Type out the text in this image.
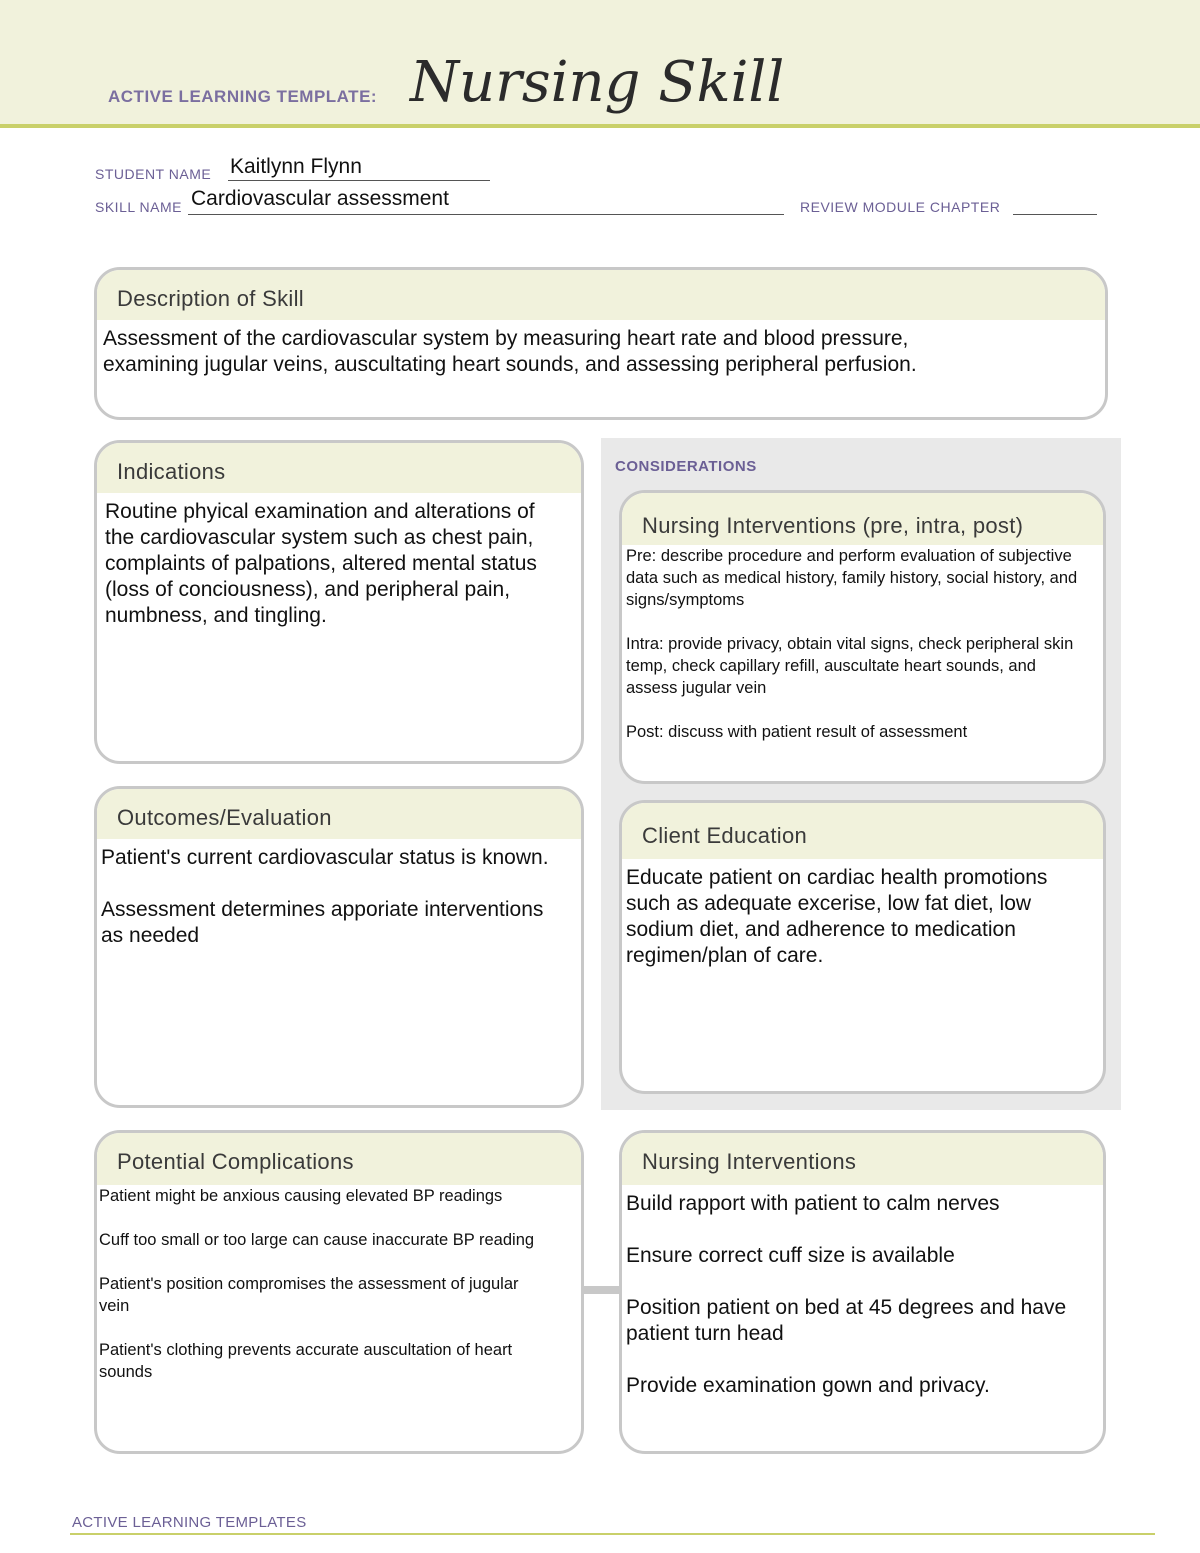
ACTIVE LEARNING TEMPLATE: Nursing Skill
STUDENT NAME Kaitlynn Flynn
SKILL NAME Cardiovascular assessment	REVIEW MODULE CHAPTER
Description of Skill
Assessment of the cardiovascular system by measuring heart rate and blood pressure,
examining jugular veins, auscultating heart sounds, and assessing peripheral perfusion.
Indications
Routine phyical examination and alterations of the cardiovascular system such as chest pain, complaints of palpations, altered mental status (loss of conciousness), and peripheral pain, numbness, and tingling.
CONSIDERATIONS
Nursing Interventions (pre, intra, post)
Pre: describe procedure and perform evaluation of subjective data such as medical history, family history, social history, and signs/symptoms

Intra: provide privacy, obtain vital signs, check peripheral skin temp, check capillary refill, auscultate heart sounds, and assess jugular vein

Post: discuss with patient result of assessment
Client Education
Educate patient on cardiac health promotions such as adequate excerise, low fat diet, low sodium diet, and adherence to medication regimen/plan of care.
Outcomes/Evaluation
Patient's current cardiovascular status is known.

Assessment determines apporiate interventions as needed
Potential Complications
Patient might be anxious causing elevated BP readings

Cuff too small or too large can cause inaccurate BP reading

Patient's position compromises the assessment of jugular vein

Patient's clothing prevents accurate auscultation of heart sounds
Nursing Interventions
Build rapport with patient to calm nerves

Ensure correct cuff size is available

Position patient on bed at 45 degrees and have patient turn head

Provide examination gown and privacy.
ACTIVE LEARNING TEMPLATES
